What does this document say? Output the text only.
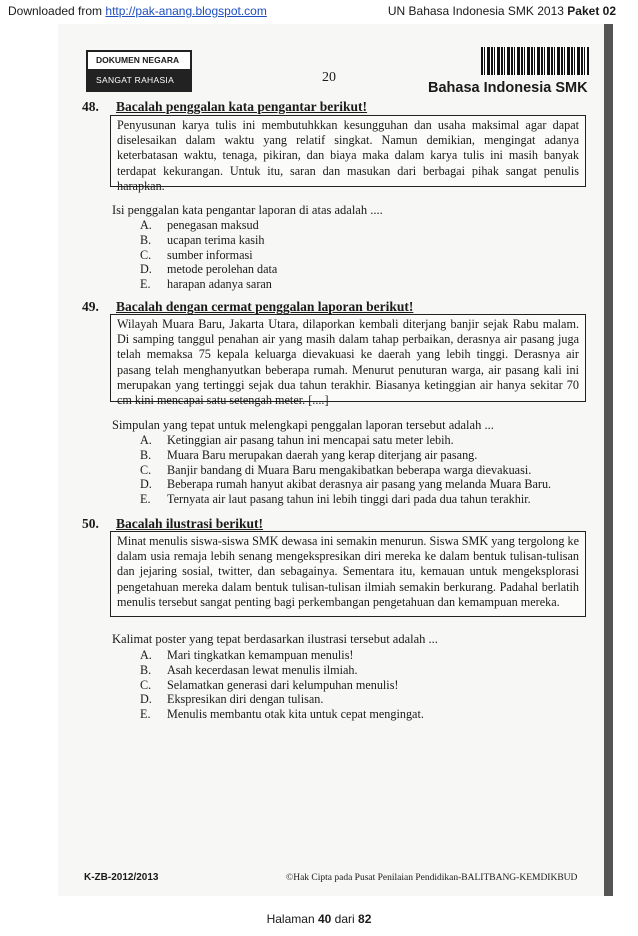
Downloaded from http://pak-anang.blogspot.com	UN Bahasa Indonesia SMK 2013 Paket 02
DOKUMEN NEGARA
SANGAT RAHASIA	20
Bahasa Indonesia SMK
48. Bacalah penggalan kata pengantar berikut!
Penyusunan karya tulis ini membutuhkkan kesungguhan dan usaha maksimal agar dapat diselesaikan dalam waktu yang relatif singkat. Namun demikian, mengingat adanya keterbatasan waktu, tenaga, pikiran, dan biaya maka dalam karya tulis ini masih banyak terdapat kekurangan. Untuk itu, saran dan masukan dari berbagai pihak sangat penulis harapkan.
Isi penggalan kata pengantar laporan di atas adalah ....
A. penegasan maksud
B. ucapan terima kasih
C. sumber informasi
D. metode perolehan data
E. harapan adanya saran
49. Bacalah dengan cermat penggalan laporan berikut!
Wilayah Muara Baru, Jakarta Utara, dilaporkan kembali diterjang banjir sejak Rabu malam. Di samping tanggul penahan air yang masih dalam tahap perbaikan, derasnya air pasang juga telah memaksa 75 kepala keluarga dievakuasi ke daerah yang lebih tinggi. Derasnya air pasang telah menghanyutkan beberapa rumah. Menurut penuturan warga, air pasang kali ini merupakan yang tertinggi sejak dua tahun terakhir. Biasanya ketinggian air hanya sekitar 70 cm kini mencapai satu setengah meter. [....]
Simpulan yang tepat untuk melengkapi penggalan laporan tersebut adalah ...
A. Ketinggian air pasang tahun ini mencapai satu meter lebih.
B. Muara Baru merupakan daerah yang kerap diterjang air pasang.
C. Banjir bandang di Muara Baru mengakibatkan beberapa warga dievakuasi.
D. Beberapa rumah hanyut akibat derasnya air pasang yang melanda Muara Baru.
E. Ternyata air laut pasang tahun ini lebih tinggi dari pada dua tahun terakhir.
50. Bacalah ilustrasi berikut!
Minat menulis siswa-siswa SMK dewasa ini semakin menurun. Siswa SMK yang tergolong ke dalam usia remaja lebih senang mengekspresikan diri mereka ke dalam bentuk tulisan-tulisan dan jejaring sosial, twitter, dan sebagainya. Sementara itu, kemauan untuk mengeksplorasi pengetahuan mereka dalam bentuk tulisan-tulisan ilmiah semakin berkurang. Padahal berlatih menulis tersebut sangat penting bagi perkembangan pengetahuan dan kemampuan mereka.
Kalimat poster yang tepat berdasarkan ilustrasi tersebut adalah ...
A. Mari tingkatkan kemampuan menulis!
B. Asah kecerdasan lewat menulis ilmiah.
C. Selamatkan generasi dari kelumpuhan menulis!
D. Ekspresikan diri dengan tulisan.
E. Menulis membantu otak kita untuk cepat mengingat.
K-ZB-2012/2013	©Hak Cipta pada Pusat Penilaian Pendidikan-BALITBANG-KEMDIKBUD
Halaman 40 dari 82
